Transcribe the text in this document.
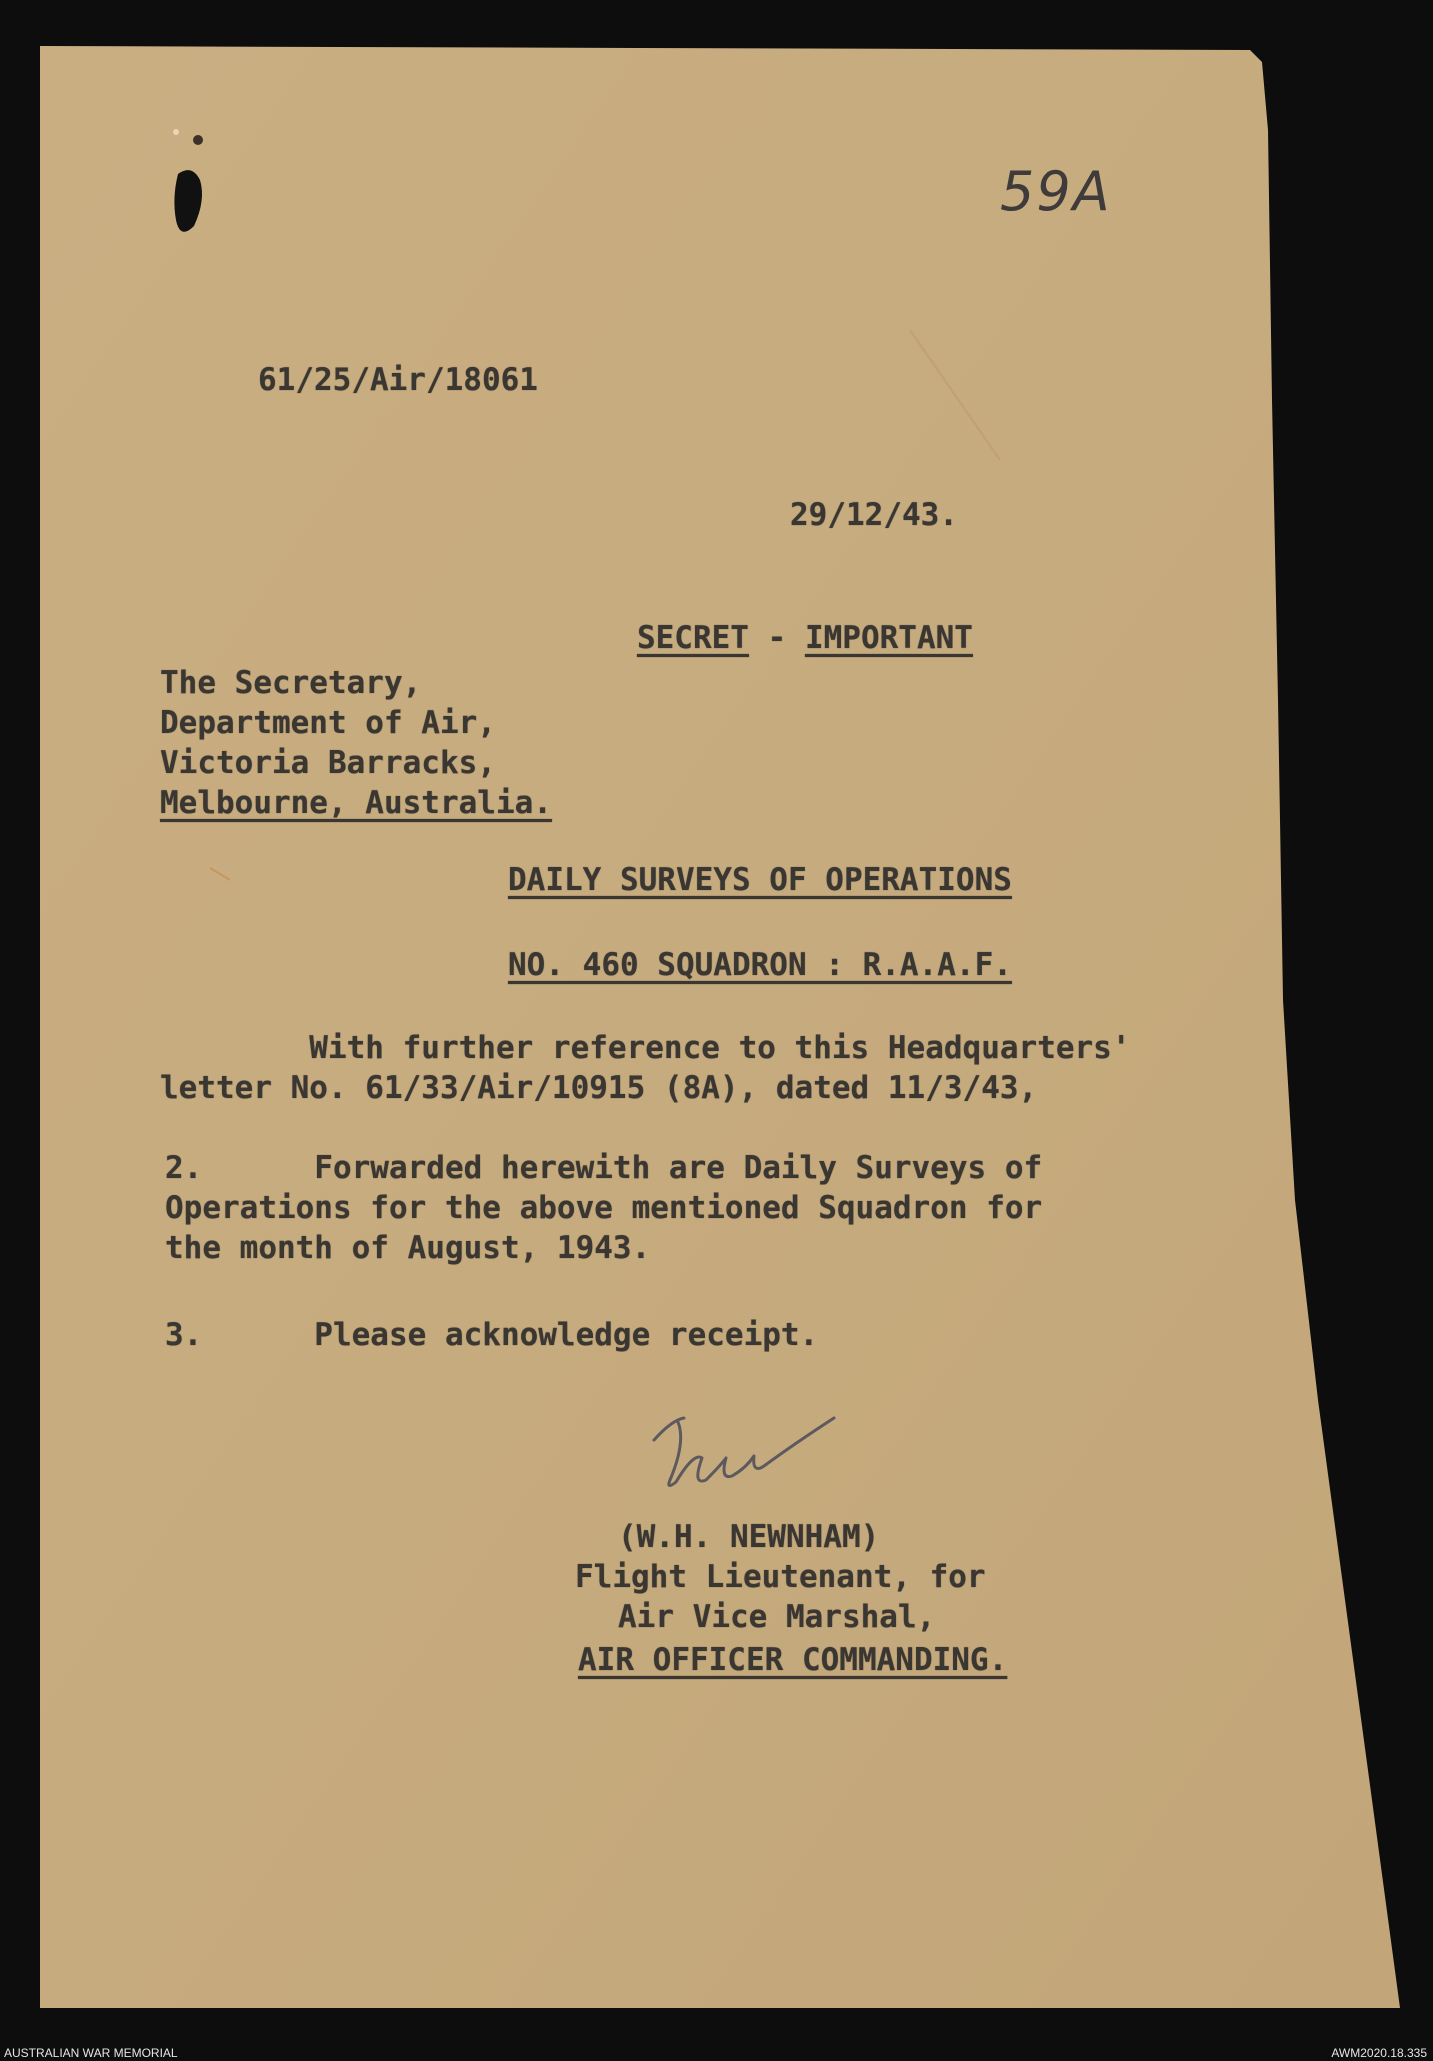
59A
61/25/Air/18061
29/12/43.

SECRET - IMPORTANT

The Secretary,
Department of Air,
Victoria Barracks,
Melbourne, Australia.
DAILY SURVEYS OF OPERATIONS
NO. 460 SQUADRON : R.A.A.F.
With further reference to this Headquarters'
letter No. 61/33/Air/10915 (8A), dated 11/3/43,
2.      Forwarded herewith are Daily Surveys of
Operations for the above mentioned Squadron for
the month of August, 1943.
3.      Please acknowledge receipt.
(W.H. NEWNHAM)
Flight Lieutenant, for
Air Vice Marshal,
AIR OFFICER COMMANDING.
AUSTRALIAN WAR MEMORIAL	AWM2020.18.335
